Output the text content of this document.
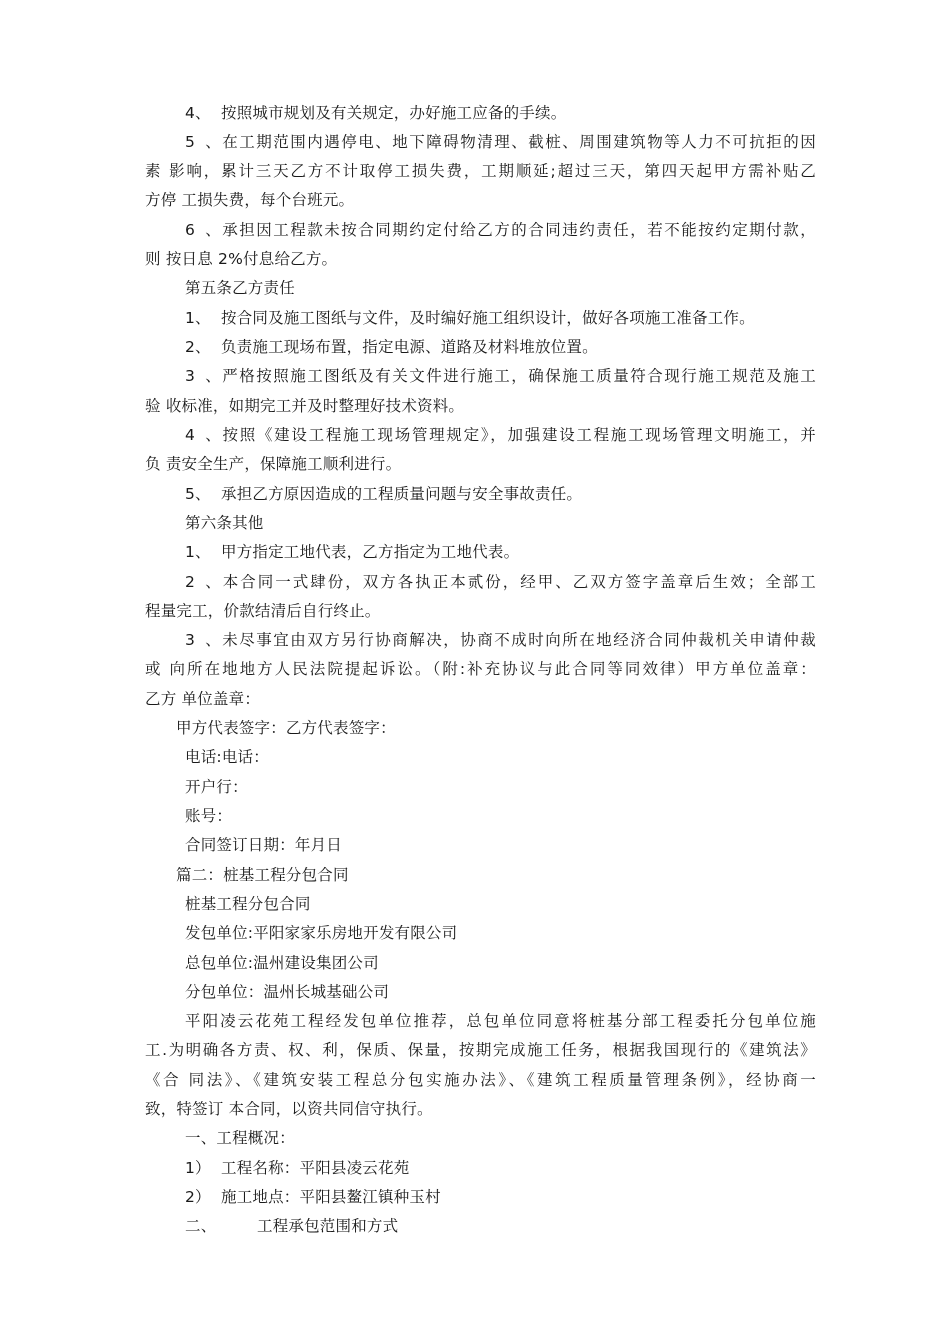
4、 按照城市规划及有关规定，办好施工应备的手续。
5、在工期范围内遇停电、地下障碍物清理、截桩、周围建筑物等人力不可抗拒的因
素 影响，累计三天乙方不计取停工损失费，工期顺延;超过三天，第四天起甲方需补贴乙
方停 工损失费，每个台班元。
6、承担因工程款未按合同期约定付给乙方的合同违约责任，若不能按约定期付款，
则 按日息 2%付息给乙方。
第五条乙方责任
1、 按合同及施工图纸与文件，及时编好施工组织设计，做好各项施工准备工作。
2、 负责施工现场布置，指定电源、道路及材料堆放位置。
3、严格按照施工图纸及有关文件进行施工，确保施工质量符合现行施工规范及施工
验 收标准，如期完工并及时整理好技术资料。
4、按照《建设工程施工现场管理规定》，加强建设工程施工现场管理文明施工，并
负 责安全生产，保障施工顺利进行。
5、 承担乙方原因造成的工程质量问题与安全事故责任。
第六条其他
1、 甲方指定工地代表，乙方指定为工地代表。
2、本合同一式肆份，双方各执正本贰份，经甲、乙双方签字盖章后生效；全部工
程量完工，价款结清后自行终止。
3、未尽事宜由双方另行协商解决，协商不成时向所在地经济合同仲裁机关申请仲裁
或 向所在地地方人民法院提起诉讼。（附:补充协议与此合同等同效律）甲方单位盖章：
乙方 单位盖章：
甲方代表签字：乙方代表签字：
电话:电话：
开户行：
账号：
合同签订日期：年月日
篇二：桩基工程分包合同
桩基工程分包合同
发包单位:平阳家家乐房地开发有限公司
总包单位:温州建设集团公司
分包单位：温州长城基础公司
平阳凌云花苑工程经发包单位推荐，总包单位同意将桩基分部工程委托分包单位施
工.为明确各方责、权、利，保质、保量，按期完成施工任务，根据我国现行的《建筑法》
《合 同法》、《建筑安装工程总分包实施办法》、《建筑工程质量管理条例》，经协商一
致，特签订 本合同，以资共同信守执行。
一、工程概况：
1） 工程名称：平阳县凌云花苑
2） 施工地点：平阳县鳌江镇种玉村
二、	工程承包范围和方式
